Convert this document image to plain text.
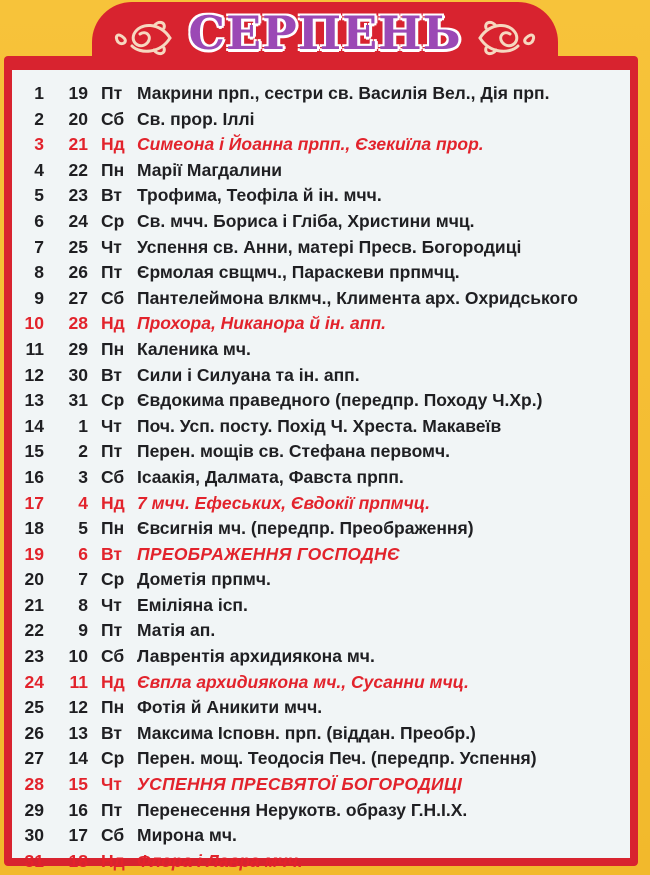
СЕРПЕНЬ
1	19 Пт Макрини прп., сестри св. Василія Вел., Дія прп.
2	20 Сб Св. прор. Іллі
3	21 Нд Симеона і Йоанна прпп., Єзекиїла прор.
4	22 Пн Марії Магдалини
5	23 Вт Трофима, Теофіла й ін. мчч.
6	24 Ср Св. мчч. Бориса і Гліба, Христини мчц.
7	25 Чт Успення св. Анни, матері Пресв. Богородиці
8	26 Пт Єрмолая свщмч., Параскеви прпмчц.
9	27 Сб Пантелеймона влкмч., Климента арх. Охридського
10	28 Нд Прохора, Никанора й ін. апп.
11	29 Пн Каленика мч.
12	30 Вт Сили і Силуана та ін. апп.
13	31 Ср Євдокима праведного (передпр. Походу Ч.Хр.)
14	1 Чт Поч. Усп. посту. Похід Ч. Хреста. Макавеїв
15	2 Пт Перен. мощів св. Стефана первомч.
16	3 Сб Ісаакія, Далмата, Фавста прпп.
17	4 Нд 7 мчч. Ефеських, Євдокії прпмчц.
18	5 Пн Євсигнія мч. (передпр. Преображення)
19	6 Вт ПРЕОБРАЖЕННЯ ГОСПОДНЄ
20	7 Ср Дометія прпмч.
21	8 Чт Еміліяна ісп.
22	9 Пт Матія ап.
23	10 Сб Лаврентія архидиякона мч.
24	11 Нд Євпла архидиякона мч., Сусанни мчц.
25	12 Пн Фотія й Аникити мчч.
26	13 Вт Максима Ісповн. прп. (віддан. Преобр.)
27	14 Ср Перен. мощ. Теодосія Печ. (передпр. Успення)
28	15 Чт УСПЕННЯ ПРЕСВЯТОЇ БОГОРОДИЦІ
29	16 Пт Перенесення Нерукотв. образу Г.Н.І.Х.
30	17 Сб Мирона мч.
31	18 Нд Флора і Лавра мчч.
